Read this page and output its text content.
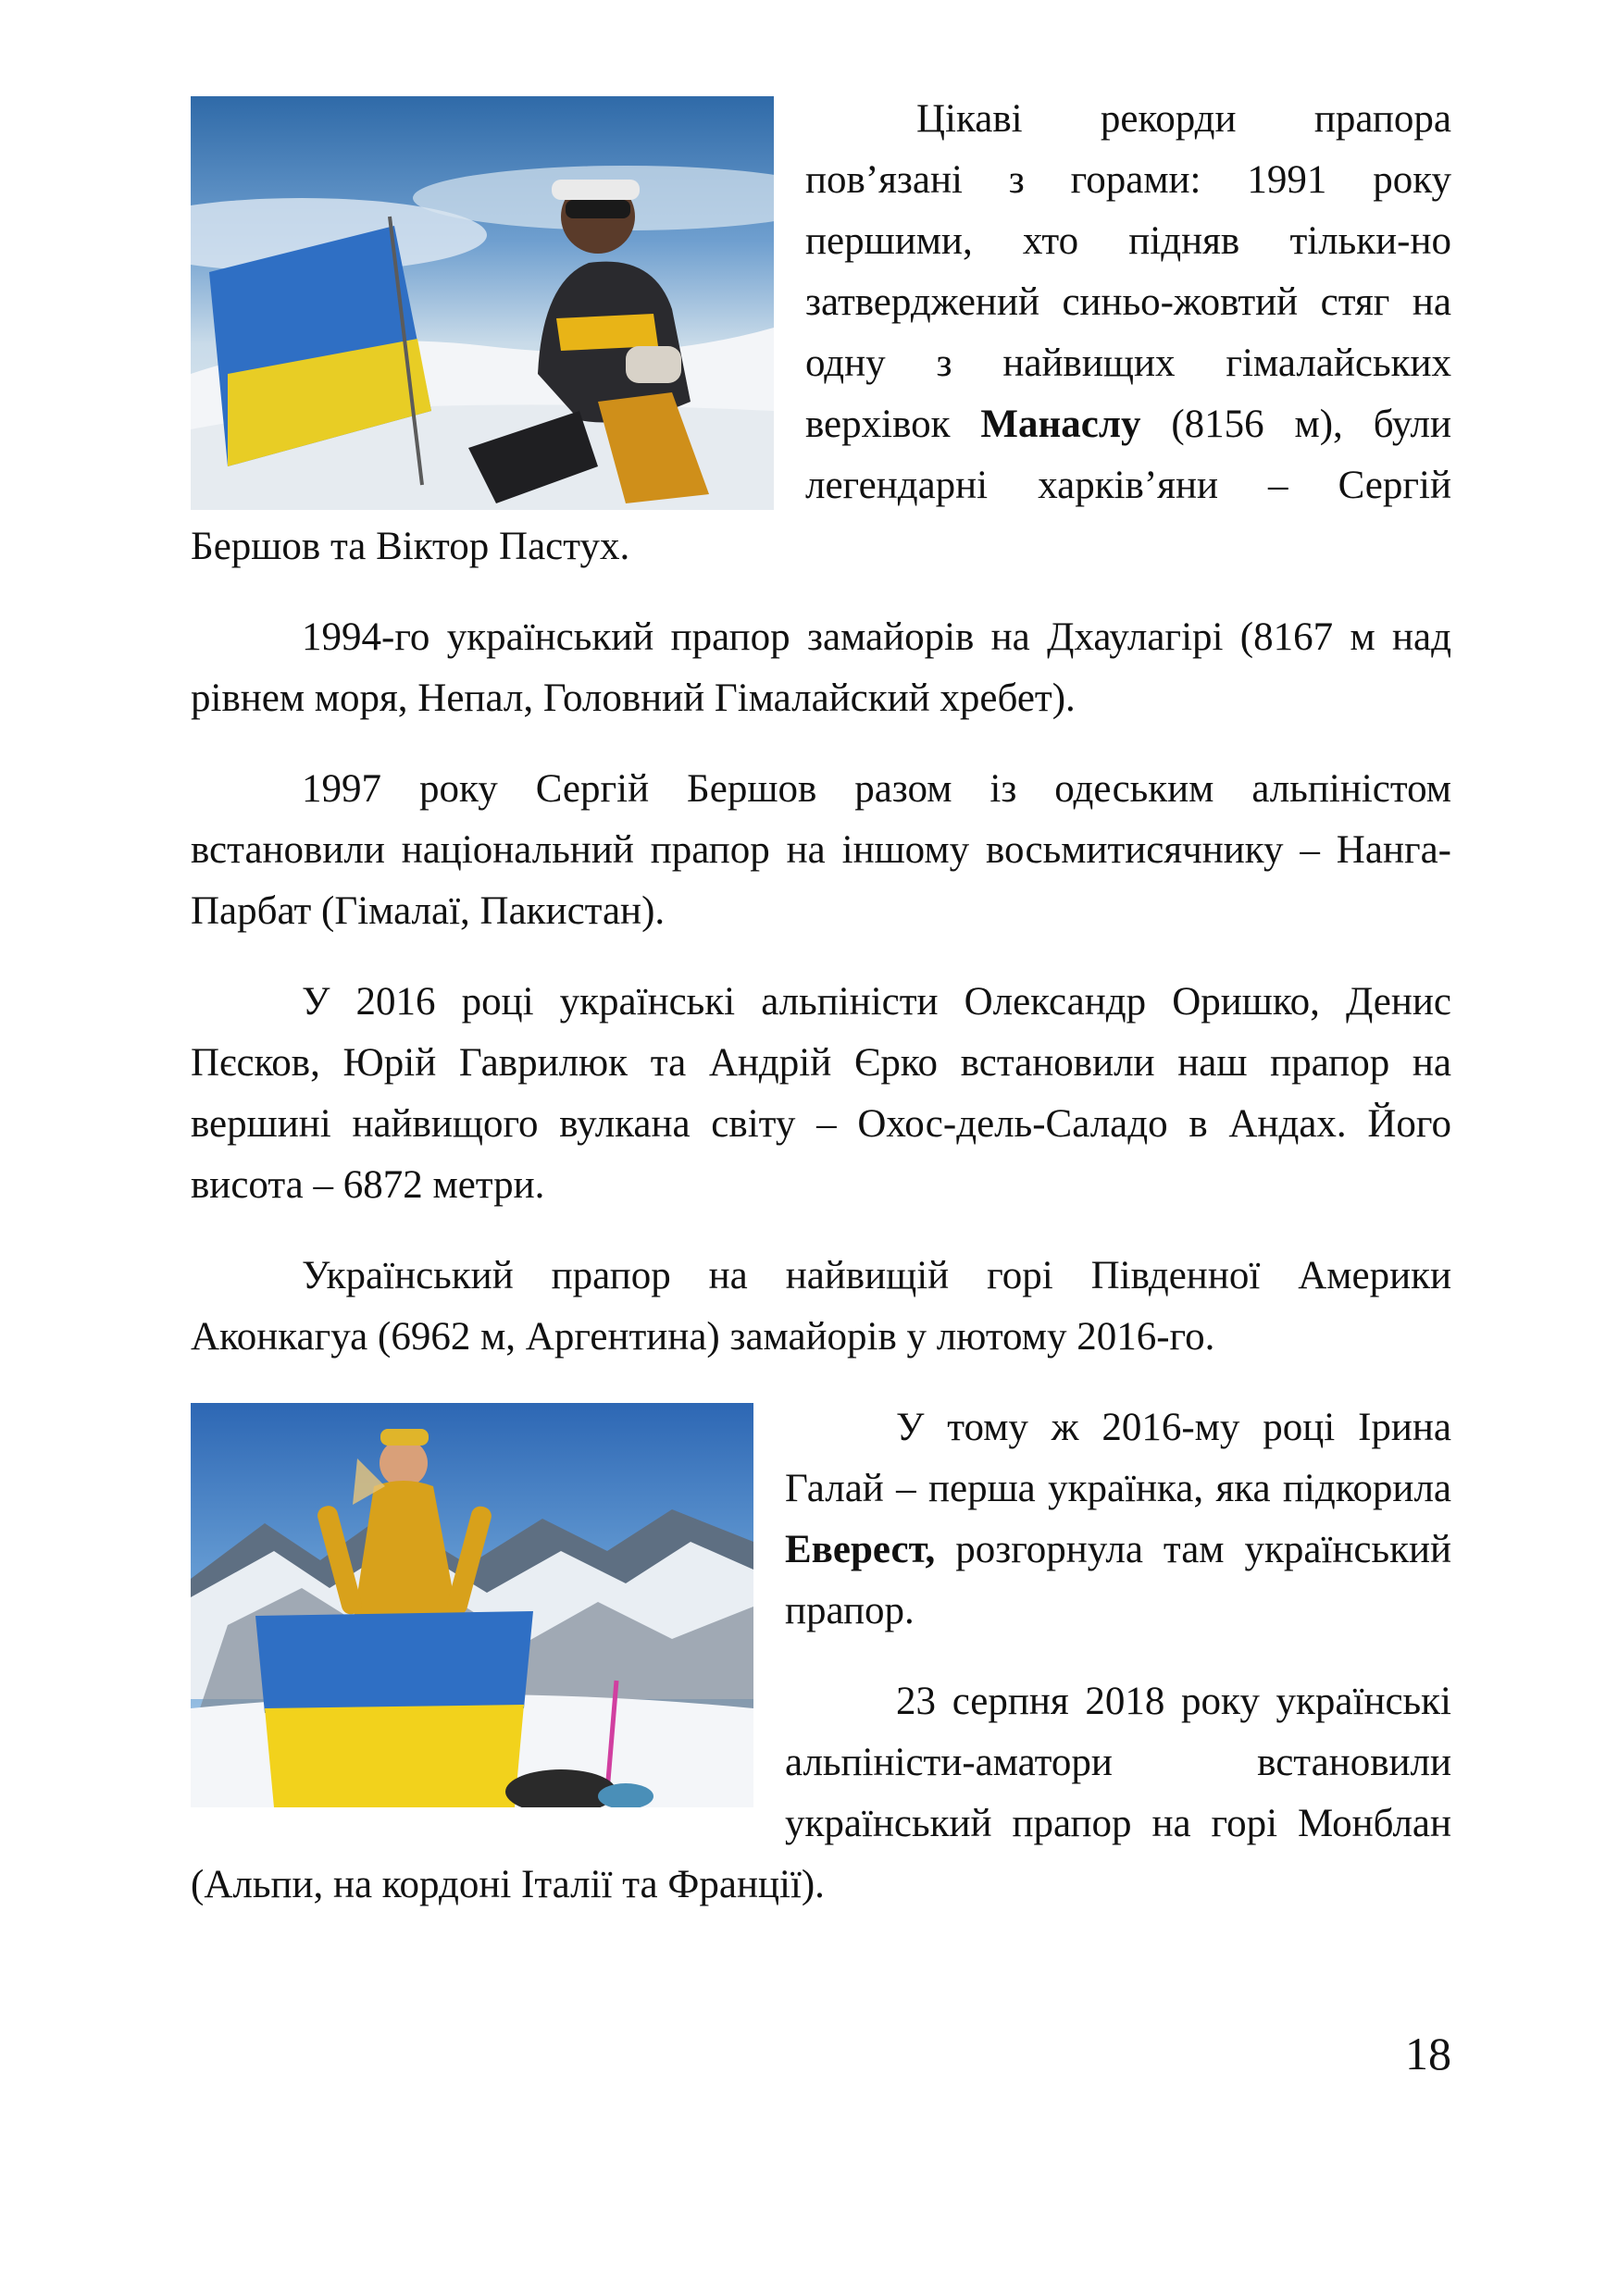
Цікаві рекорди прапора пов’язані з горами: 1991 року першими, хто підняв тільки-но затверджений синьо-жовтий стяг на одну з найвищих гімалайських верхівок Манаслу (8156 м), були легендарні харків’яни – Сергій Бершов та Віктор Пастух.

1994-го український прапор замайорів на Дхаулагірі (8167 м над рівнем моря, Непал, Головний Гімалайский хребет).

1997 року Сергій Бершов разом із одеським альпіністом встановили національний прапор на іншому восьмитисячнику – Нанга-Парбат (Гімалаї, Пакистан).

У 2016 році українські альпіністи Олександр Оришко, Денис Пєсков, Юрій Гаврилюк та Андрій Єрко встановили наш прапор на вершині найвищого вулкана світу – Охос-дель-Саладо в Андах. Його висота – 6872 метри.

Український прапор на найвищій горі Південної Америки Аконкагуа (6962 м, Аргентина) замайорів у лютому 2016-го.

У тому ж 2016-му році Ірина Галай – перша українка, яка підкорила Еверест, розгорнула там український прапор.

23 серпня 2018 року українські альпіністи-аматори встановили український прапор на горі Монблан (Альпи, на кордоні Італії та Франції).

18
